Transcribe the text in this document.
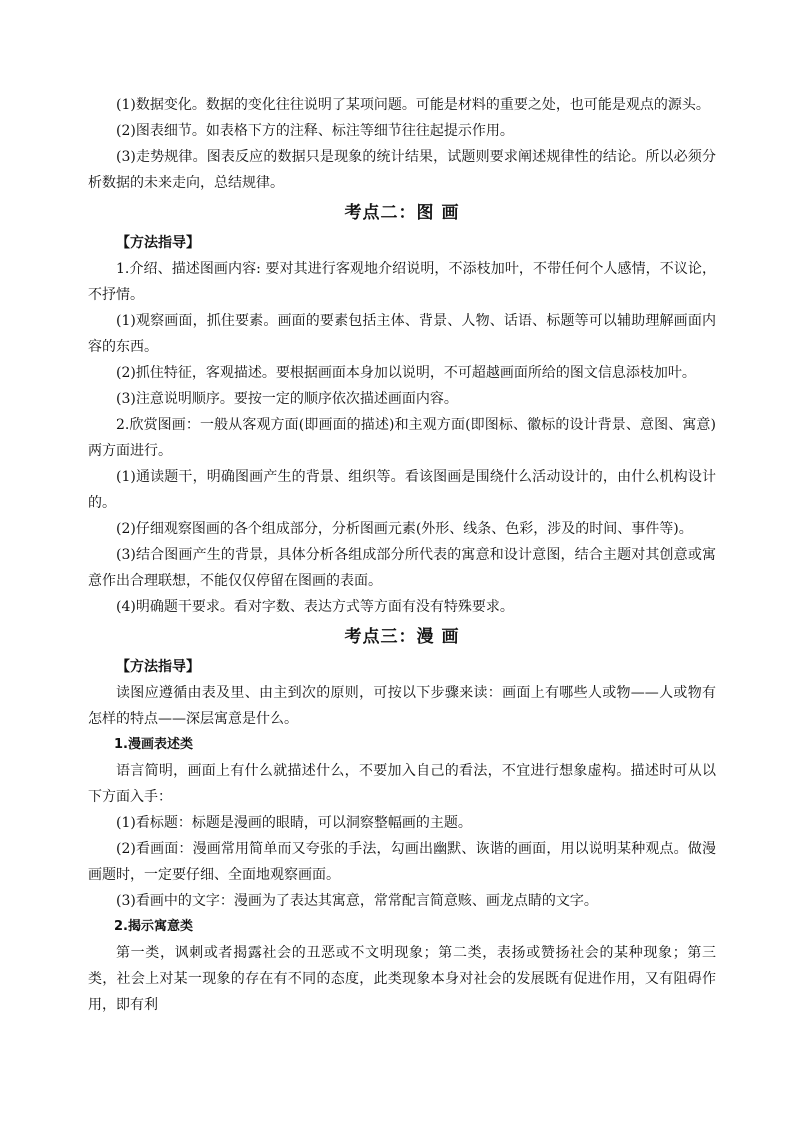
(1)数据变化。数据的变化往往说明了某项问题。可能是材料的重要之处，也可能是观点的源头。

(2)图表细节。如表格下方的注释、标注等细节往往起提示作用。

(3)走势规律。图表反应的数据只是现象的统计结果，试题则要求阐述规律性的结论。所以必须分析数据的未来走向，总结规律。

考点二：图 画

【方法指导】

1.介绍、描述图画内容: 要对其进行客观地介绍说明，不添枝加叶，不带任何个人感情，不议论，不抒情。

(1)观察画面，抓住要素。画面的要素包括主体、背景、人物、话语、标题等可以辅助理解画面内容的东西。

(2)抓住特征，客观描述。要根据画面本身加以说明，不可超越画面所给的图文信息添枝加叶。

(3)注意说明顺序。要按一定的顺序依次描述画面内容。

2.欣赏图画：一般从客观方面(即画面的描述)和主观方面(即图标、徽标的设计背景、意图、寓意)两方面进行。

(1)通读题干，明确图画产生的背景、组织等。看该图画是围绕什么活动设计的，由什么机构设计的。

(2)仔细观察图画的各个组成部分，分析图画元素(外形、线条、色彩，涉及的时间、事件等)。

(3)结合图画产生的背景，具体分析各组成部分所代表的寓意和设计意图，结合主题对其创意或寓意作出合理联想，不能仅仅停留在图画的表面。

(4)明确题干要求。看对字数、表达方式等方面有没有特殊要求。

考点三：漫 画

【方法指导】

读图应遵循由表及里、由主到次的原则，可按以下步骤来读：画面上有哪些人或物——人或物有怎样的特点——深层寓意是什么。

1.漫画表述类

语言简明，画面上有什么就描述什么，不要加入自己的看法，不宜进行想象虚构。描述时可从以下方面入手：

(1)看标题：标题是漫画的眼睛，可以洞察整幅画的主题。

(2)看画面：漫画常用简单而又夸张的手法，勾画出幽默、诙谐的画面，用以说明某种观点。做漫画题时，一定要仔细、全面地观察画面。

(3)看画中的文字：漫画为了表达其寓意，常常配言简意赅、画龙点睛的文字。

2.揭示寓意类

第一类，讽刺或者揭露社会的丑恶或不文明现象；第二类，表扬或赞扬社会的某种现象；第三类，社会上对某一现象的存在有不同的态度，此类现象本身对社会的发展既有促进作用，又有阻碍作用，即有利
